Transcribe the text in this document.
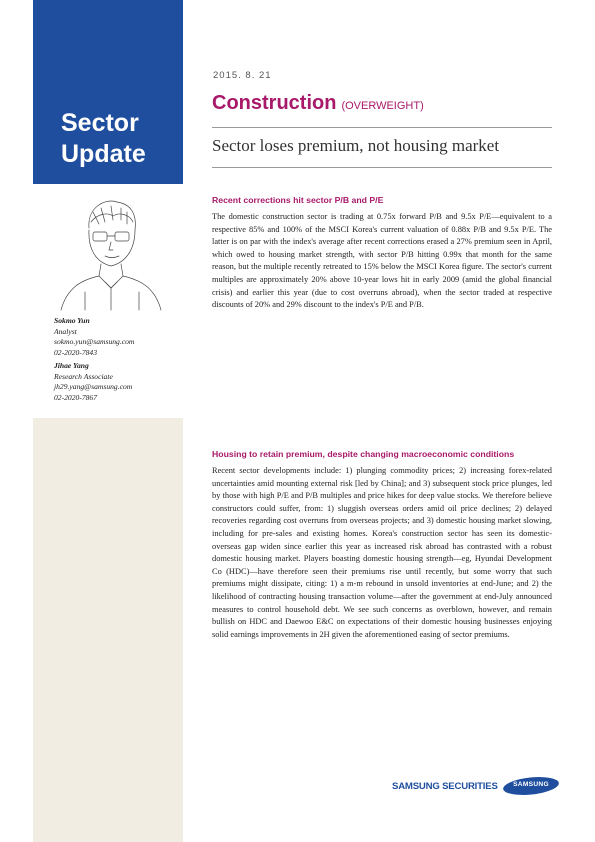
Sector
Update
Sokmo Yun
Analyst
sokmo.yun@samsung.com
02-2020-7843
Jihae Yang
Research Associate
jh29.yang@samsung.com
02-2020-7867
2015. 8. 21
Construction (OVERWEIGHT)
Sector loses premium, not housing market
Recent corrections hit sector P/B and P/E

The domestic construction sector is trading at 0.75x forward P/B and 9.5x P/E—equivalent to a respective 85% and 100% of the MSCI Korea's current valuation of 0.88x P/B and 9.5x P/E. The latter is on par with the index's average after recent corrections erased a 27% premium seen in April, which owed to housing market strength, with sector P/B hitting 0.99x that month for the same reason, but the multiple recently retreated to 15% below the MSCI Korea figure. The sector's current multiples are approximately 20% above 10-year lows hit in early 2009 (amid the global financial crisis) and earlier this year (due to cost overruns abroad), when the sector traded at respective discounts of 20% and 29% discount to the index's P/E and P/B.

Housing to retain premium, despite changing macroeconomic conditions

Recent sector developments include: 1) plunging commodity prices; 2) increasing forex-related uncertainties amid mounting external risk [led by China]; and 3) subsequent stock price plunges, led by those with high P/E and P/B multiples and price hikes for deep value stocks. We therefore believe constructors could suffer, from: 1) sluggish overseas orders amid oil price declines; 2) delayed recoveries regarding cost overruns from overseas projects; and 3) domestic housing market slowing, including for pre-sales and existing homes. Korea's construction sector has seen its domestic-overseas gap widen since earlier this year as increased risk abroad has contrasted with a robust domestic housing market. Players boasting domestic housing strength—eg, Hyundai Development Co (HDC)—have therefore seen their premiums rise until recently, but some worry that such premiums might dissipate, citing: 1) a m-m rebound in unsold inventories at end-June; and 2) the likelihood of contracting housing transaction volume—after the government at end-July announced measures to control household debt. We see such concerns as overblown, however, and remain bullish on HDC and Daewoo E&C on expectations of their domestic housing businesses enjoying solid earnings improvements in 2H given the aforementioned easing of sector premiums.

SAMSUNG SECURITIES	SAMSUNG
